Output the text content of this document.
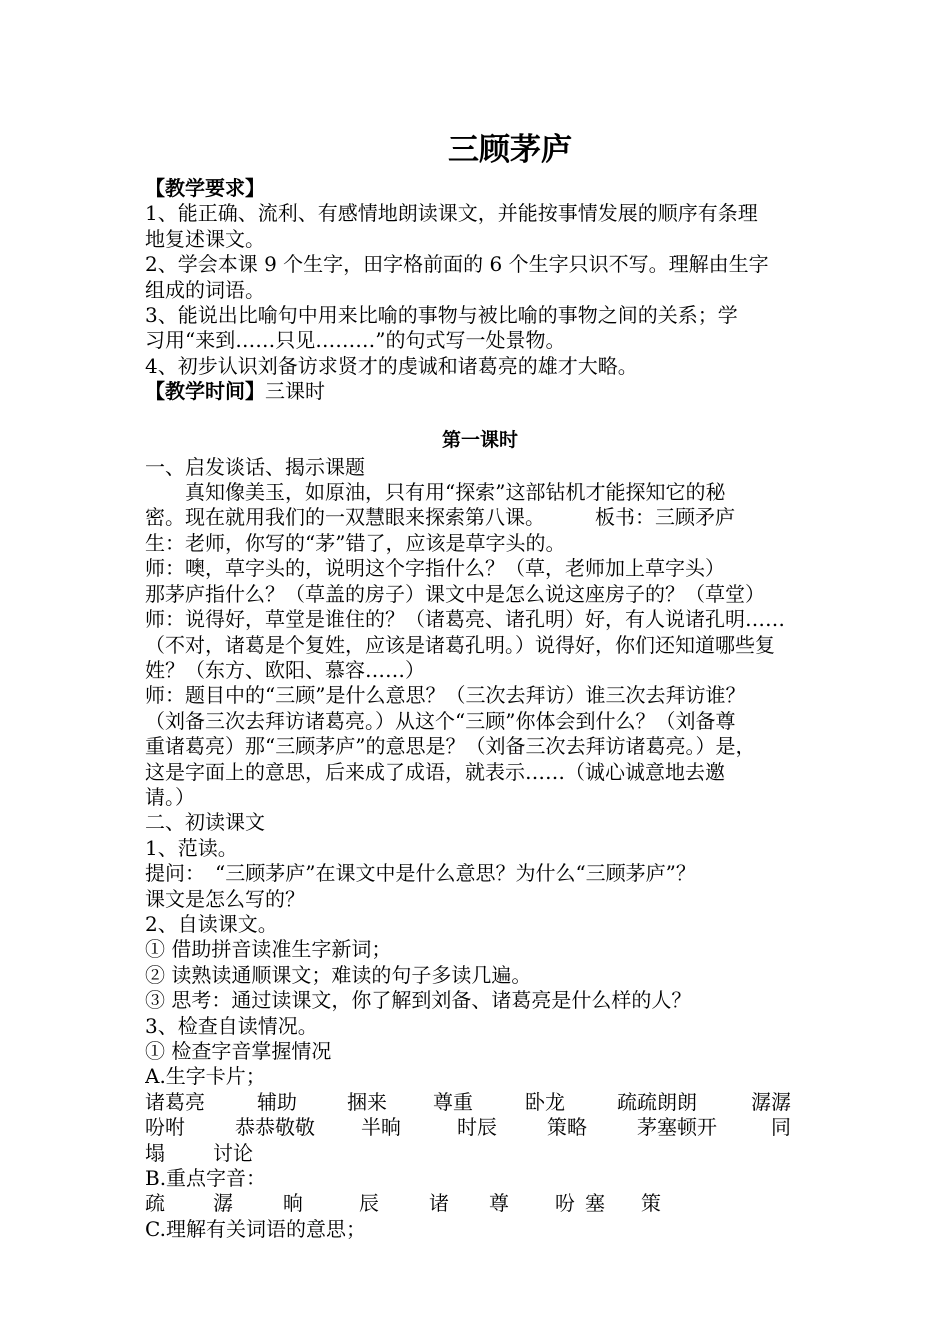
三顾茅庐
【教学要求】
1、能正确、流利、有感情地朗读课文，并能按事情发展的顺序有条理
地复述课文。
2、学会本课 9 个生字，田字格前面的 6 个生字只识不写。理解由生字
组成的词语。
3、能说出比喻句中用来比喻的事物与被比喻的事物之间的关系；学
习用“来到……只见………”的句式写一处景物。
4、初步认识刘备访求贤才的虔诚和诸葛亮的雄才大略。
【教学时间】三课时
第一课时
一、启发谈话、揭示课题
真知像美玉，如原油，只有用“探索”这部钻机才能探知它的秘
密。现在就用我们的一双慧眼来探索第八课。　　　板书：三顾矛庐
生：老师，你写的“茅”错了，应该是草字头的。
师：噢，草字头的，说明这个字指什么？（草，老师加上草字头）
那茅庐指什么？（草盖的房子）课文中是怎么说这座房子的？（草堂）
师：说得好，草堂是谁住的？（诸葛亮、诸孔明）好，有人说诸孔明……
（不对，诸葛是个复姓，应该是诸葛孔明。）说得好，你们还知道哪些复
姓？（东方、欧阳、慕容……）
师：题目中的“三顾”是什么意思？（三次去拜访）谁三次去拜访谁？
（刘备三次去拜访诸葛亮。）从这个“三顾”你体会到什么？（刘备尊
重诸葛亮）那“三顾茅庐”的意思是？（刘备三次去拜访诸葛亮。）是，
这是字面上的意思，后来成了成语，就表示……（诚心诚意地去邀
请。）
二、初读课文
1、范读。
提问：　“三顾茅庐”在课文中是什么意思？为什么“三顾茅庐”？
课文是怎么写的？
2、自读课文。
① 借助拼音读准生字新词；
② 读熟读通顺课文；难读的句子多读几遍。
③ 思考：通过读课文，你了解到刘备、诸葛亮是什么样的人？
3、检查自读情况。
① 检查字音掌握情况
A.生字卡片；
诸葛亮	辅助	捆来	尊重	卧龙	疏疏朗朗	潺潺
吩咐	恭恭敬敬	半晌	时辰	策略	茅塞顿开	同
塌	讨论
B.重点字音：
疏	潺	晌	辰	诸	尊	吩 塞	策
C.理解有关词语的意思；
